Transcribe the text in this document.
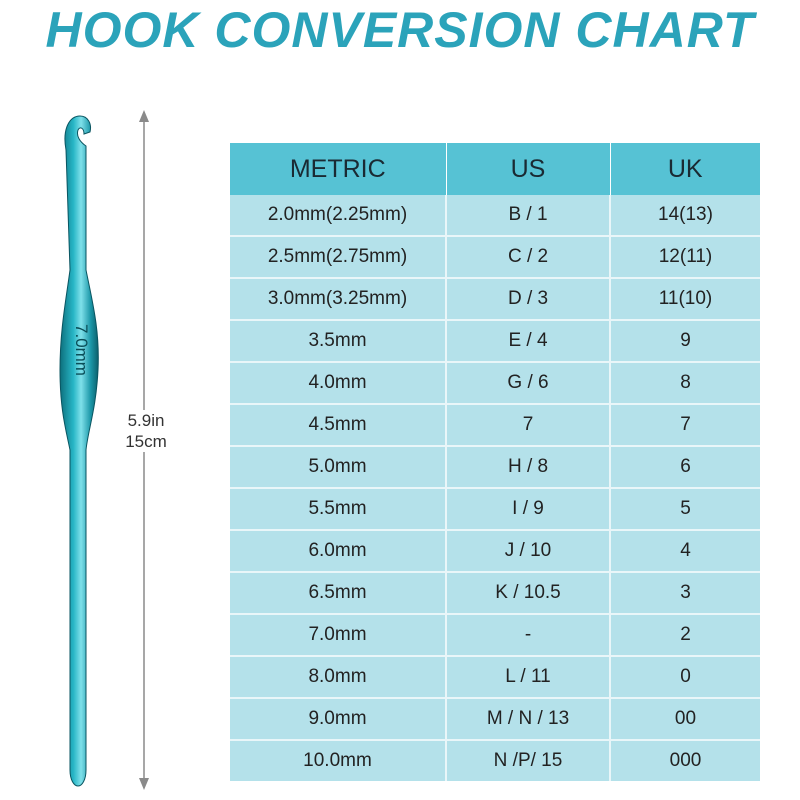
HOOK CONVERSION CHART
7.0mm
5.9in
15cm
METRIC	US	UK
2.0mm(2.25mm)	B / 1	14(13)
2.5mm(2.75mm)	C / 2	12(11)
3.0mm(3.25mm)	D / 3	11(10)
3.5mm	E / 4	9
4.0mm	G / 6	8
4.5mm	7	7
5.0mm	H / 8	6
5.5mm	I / 9	5
6.0mm	J / 10	4
6.5mm	K / 10.5	3
7.0mm	-	2
8.0mm	L / 11	0
9.0mm	M / N / 13	00
10.0mm	N /P/ 15	000
